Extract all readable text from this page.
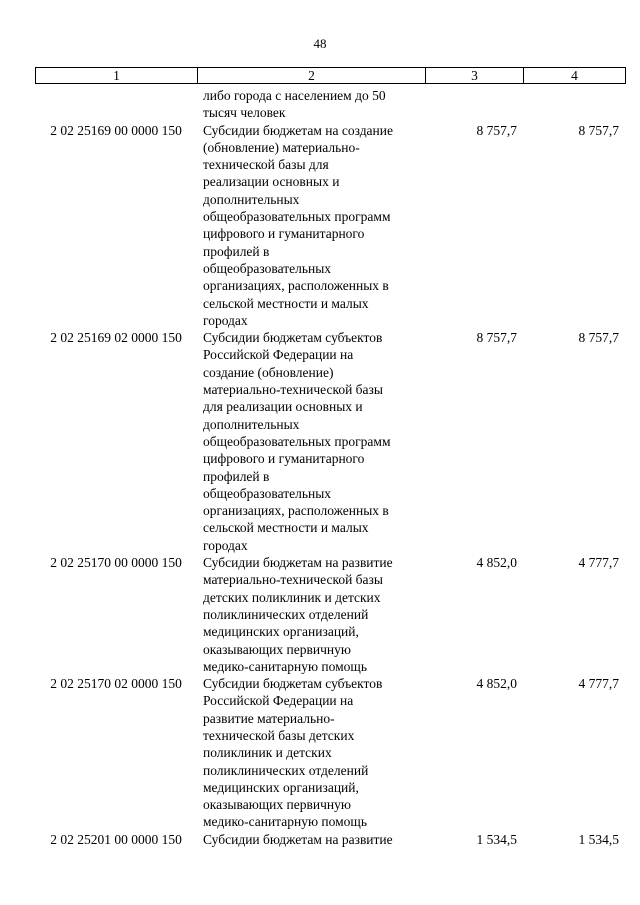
48
1	2	3	4
либо города с населением до 50
тысяч человек
2 02 25169 00 0000 150	Субсидии бюджетам на создание
(обновление) материально-
технической базы для
реализации основных и
дополнительных
общеобразовательных программ
цифрового и гуманитарного
профилей в
общеобразовательных
организациях, расположенных в
сельской местности и малых
городах
8 757,7	8 757,7
2 02 25169 02 0000 150	Субсидии бюджетам субъектов
Российской Федерации на
создание (обновление)
материально-технической базы
для реализации основных и
дополнительных
общеобразовательных программ
цифрового и гуманитарного
профилей в
общеобразовательных
организациях, расположенных в
сельской местности и малых
городах
8 757,7	8 757,7
2 02 25170 00 0000 150	Субсидии бюджетам на развитие
материально-технической базы
детских поликлиник и детских
поликлинических отделений
медицинских организаций,
оказывающих первичную
медико-санитарную помощь
4 852,0	4 777,7
2 02 25170 02 0000 150	Субсидии бюджетам субъектов
Российской Федерации на
развитие материально-
технической базы детских
поликлиник и детских
поликлинических отделений
медицинских организаций,
оказывающих первичную
медико-санитарную помощь
4 852,0	4 777,7
2 02 25201 00 0000 150	Субсидии бюджетам на развитие	1 534,5	1 534,5
